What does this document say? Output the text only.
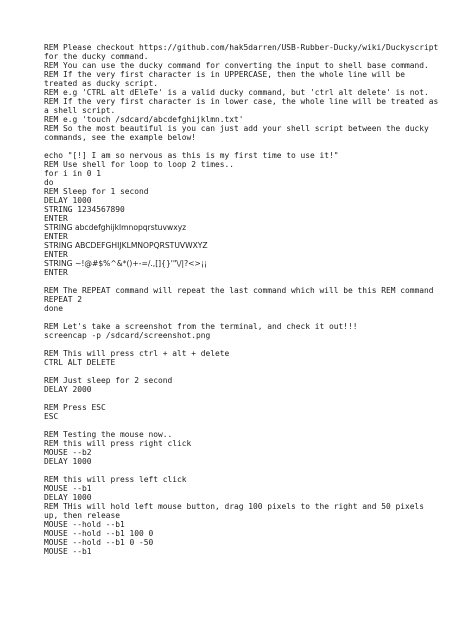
REM Please checkout https://github.com/hak5darren/USB-Rubber-Ducky/wiki/Duckyscript
for the ducky command.
REM You can use the ducky command for converting the input to shell base command.
REM If the very first character is in UPPERCASE, then the whole line will be
treated as ducky script.
REM e.g 'CTRL alt dEleTe' is a valid ducky command, but 'ctrl alt delete' is not.
REM If the very first character is in lower case, the whole line will be treated as
a shell script.
REM e.g 'touch /sdcard/abcdefghijklmn.txt'
REM So the most beautiful is you can just add your shell script between the ducky
commands, see the example below!
echo "[!] I am so nervous as this is my first time to use it!"
REM Use shell for loop to loop 2 times..
for i in 0 1
do
REM Sleep for 1 second
DELAY 1000
STRING 1234567890
ENTER
STRING abcdefghijklmnopqrstuvwxyz
ENTER
STRING ABCDEFGHIJKLMNOPQRSTUVWXYZ
ENTER
STRING ~!@#$%^&*()+-=/.,[]{}'"\/|?<>¡¡
ENTER
REM The REPEAT command will repeat the last command which will be this REM command
REPEAT 2
done
REM Let's take a screenshot from the terminal, and check it out!!!
screencap -p /sdcard/screenshot.png
REM This will press ctrl + alt + delete
CTRL ALT DELETE
REM Just sleep for 2 second
DELAY 2000
REM Press ESC
ESC
REM Testing the mouse now..
REM this will press right click
MOUSE --b2
DELAY 1000
REM this will press left click
MOUSE --b1
DELAY 1000
REM THis will hold left mouse button, drag 100 pixels to the right and 50 pixels
up, then release
MOUSE --hold --b1
MOUSE --hold --b1 100 0
MOUSE --hold --b1 0 -50
MOUSE --b1
